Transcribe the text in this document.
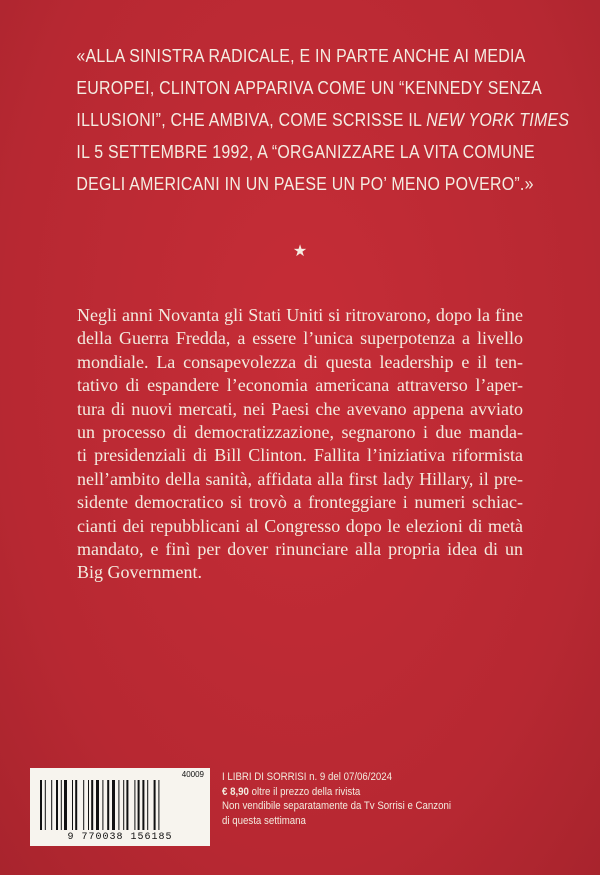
«ALLA SINISTRA RADICALE, E IN PARTE ANCHE AI MEDIA
EUROPEI, CLINTON APPARIVA COME UN “KENNEDY SENZA
ILLUSIONI”, CHE AMBIVA, COME SCRISSE IL NEW YORK TIMES
IL 5 SETTEMBRE 1992, A “ORGANIZZARE LA VITA COMUNE
DEGLI AMERICANI IN UN PAESE UN PO’ MENO POVERO”.»
★
Negli anni Novanta gli Stati Uniti si ritrovarono, dopo la fine
della Guerra Fredda, a essere l’unica superpotenza a livello
mondiale. La consapevolezza di questa leadership e il ten-
tativo di espandere l’economia americana attraverso l’aper-
tura di nuovi mercati, nei Paesi che avevano appena avviato
un processo di democratizzazione, segnarono i due manda-
ti presidenziali di Bill Clinton. Fallita l’iniziativa riformista
nell’ambito della sanità, affidata alla first lady Hillary, il pre-
sidente democratico si trovò a fronteggiare i numeri schiac-
cianti dei repubblicani al Congresso dopo le elezioni di metà
mandato, e finì per dover rinunciare alla propria idea di un
Big Government.
40009
9 770038 156185
I LIBRI DI SORRISI n. 9 del 07/06/2024
€ 8,90 oltre il prezzo della rivista
Non vendibile separatamente da Tv Sorrisi e Canzoni
di questa settimana
